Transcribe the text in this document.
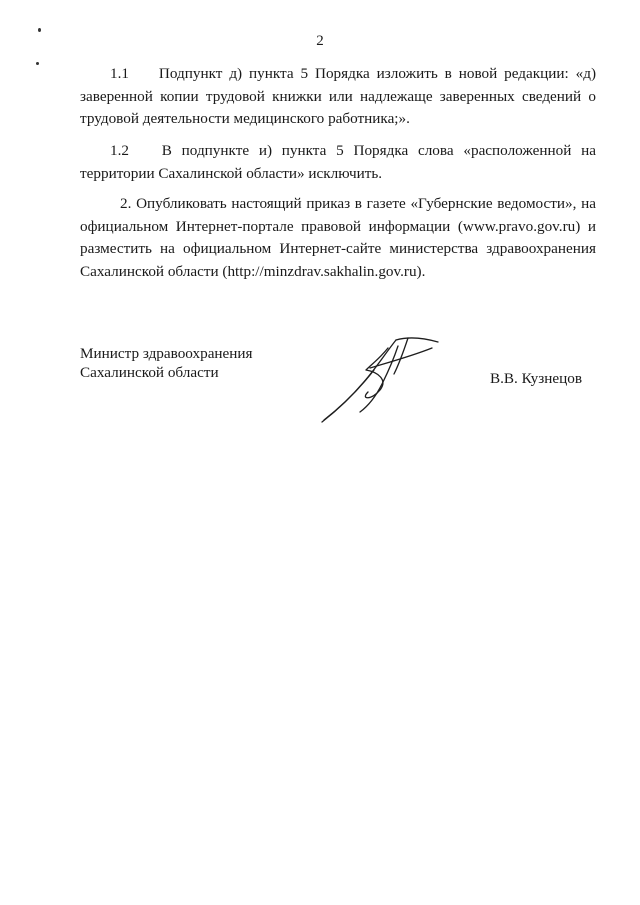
2
1.1 Подпункт д) пункта 5 Порядка изложить в новой редакции: «д) заверенной копии трудовой книжки или надлежаще заверенных сведений о трудовой деятельности медицинского работника;».
1.2 В подпункте и) пункта 5 Порядка слова «расположенной на территории Сахалинской области» исключить.
2. Опубликовать настоящий приказ в газете «Губернские ведомости», на официальном Интернет-портале правовой информации (www.pravo.gov.ru) и разместить на официальном Интернет-сайте министерства здравоохранения Сахалинской области (http://minzdrav.sakhalin.gov.ru).
Министр здравоохранения
Сахалинской области	В.В. Кузнецов
